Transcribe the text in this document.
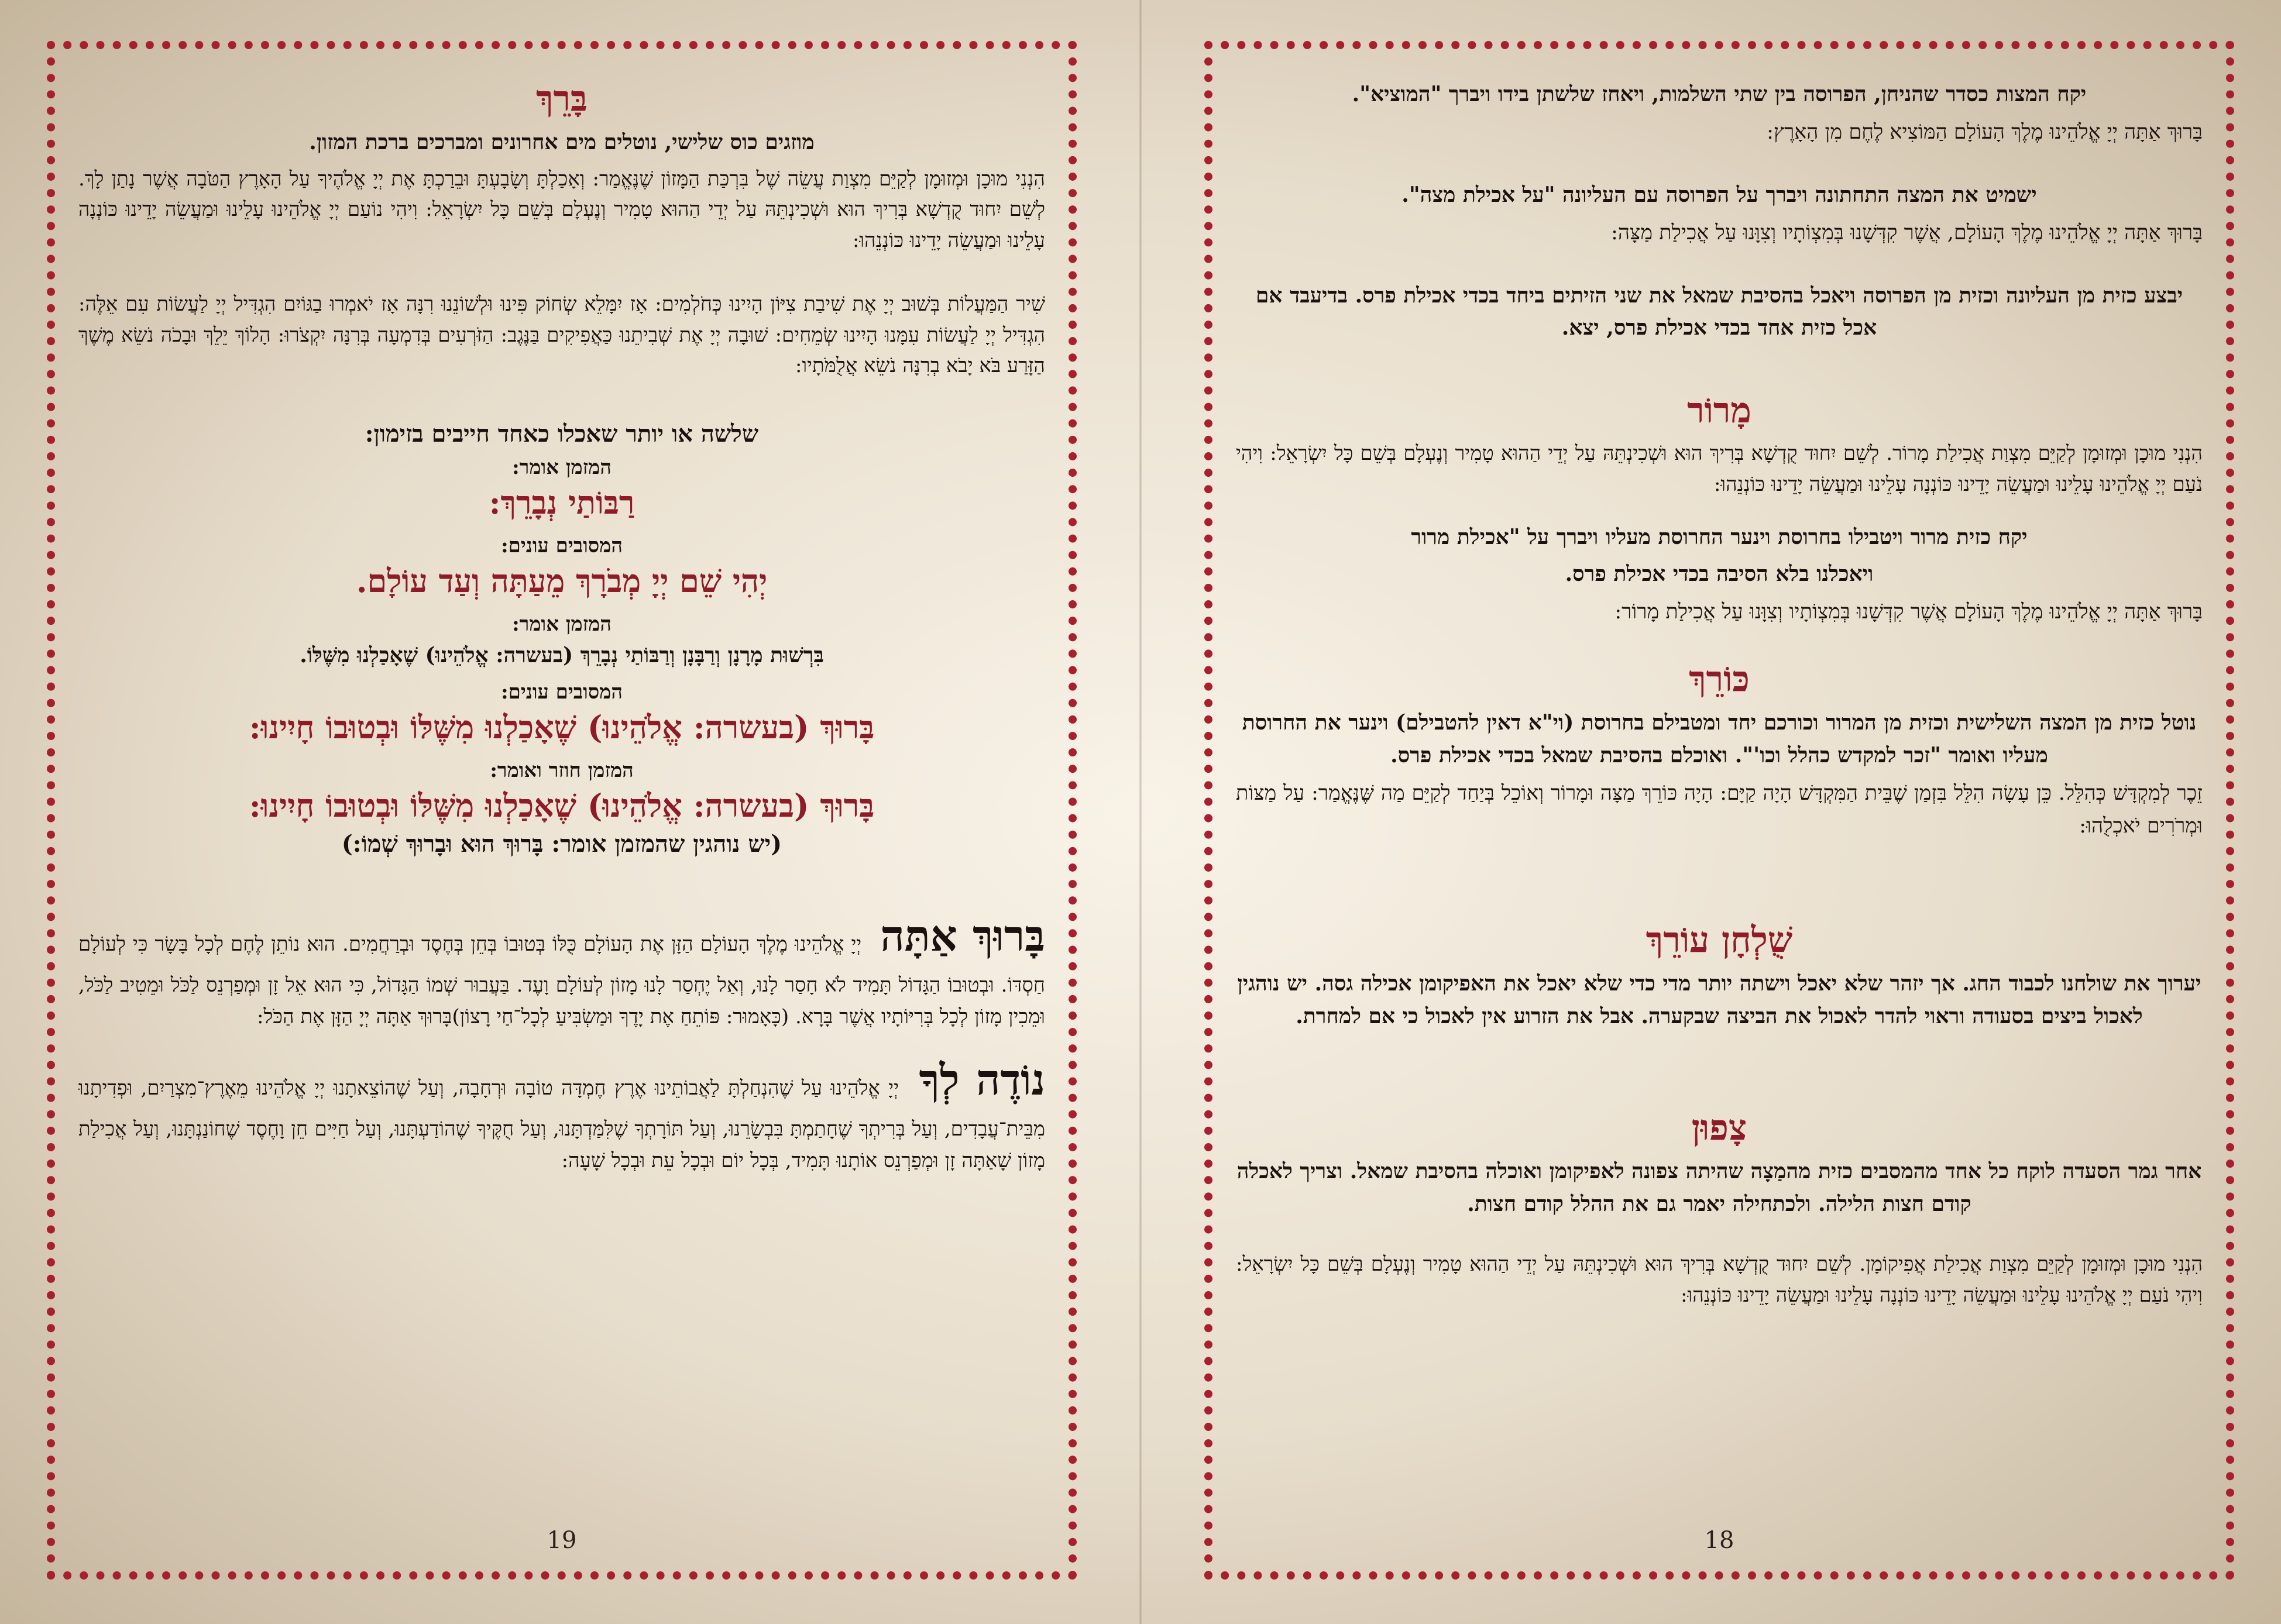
בָּרֵךְ
מוזגים כוס שלישי, נוטלים מים אחרונים ומברכים ברכת המזון.
הִנְנִי מוּכָן וּמְזוּמָן לְקַיֵּם מִצְוַת עֲשֵׂה שֶׁל בִּרְכַּת הַמָּזוֹן שֶׁנֶּאֱמַר: וְאָכַלְתָּ וְשָׂבָעְתָּ וּבֵרַכְתָּ אֶת יְיָ אֱלֹהֶיךָ עַל הָאָרֶץ הַטֹּבָה אֲשֶׁר נָתַן לָךְ. לְשֵׁם יִחוּד קֻדְשָׁא בְּרִיךְ הוּא וּשְׁכִינְתֵּהּ עַל יְדֵי הַהוּא טָמִיר וְנֶעְלָם בְּשֵׁם כָּל יִשְׂרָאֵל: וִיהִי נוֹעַם יְיָ אֱלֹהֵינוּ עָלֵינוּ וּמַעֲשֵׂה יָדֵינוּ כּוֹנְנָה עָלֵינוּ וּמַעֲשֵׂה יָדֵינוּ כּוֹנְנֵהוּ:
שִׁיר הַמַּעֲלוֹת בְּשׁוּב יְיָ אֶת שִׁיבַת צִיּוֹן הָיִינוּ כְּחֹלְמִים: אָז יִמָּלֵא שְׂחוֹק פִּינוּ וּלְשׁוֹנֵנוּ רִנָּה אָז יֹאמְרוּ בַגּוֹיִם הִגְדִּיל יְיָ לַעֲשׂוֹת עִם אֵלֶּה: הִגְדִּיל יְיָ לַעֲשׂוֹת עִמָּנוּ הָיִינוּ שְׂמֵחִים: שׁוּבָה יְיָ אֶת שְׁבִיתֵנוּ כַּאֲפִיקִים בַּנֶּגֶב: הַזֹּרְעִים בְּדִמְעָה בְּרִנָּה יִקְצֹרוּ: הָלוֹךְ יֵלֵךְ וּבָכֹה נֹשֵׂא מֶשֶׁךְ הַזָּרַע בֹּא יָבֹא בְרִנָּה נֹשֵׂא אֲלֻמֹּתָיו:
שלשה או יותר שאכלו כאחד חייבים בזימון:
המזמן אומר:
רַבּוֹתַי נְבָרֵךְ:
המסובים עונים:
יְהִי שֵׁם יְיָ מְבֹרָךְ מֵעַתָּה וְעַד עוֹלָם.
המזמן אומר:
בִּרְשׁוּת מָרָנָן וְרַבָּנָן וְרַבּוֹתַי נְבָרֵךְ (בעשרה: אֱלֹהֵינוּ) שֶׁאָכַלְנוּ מִשֶּׁלּוֹ.
המסובים עונים:
בָּרוּךְ (בעשרה: אֱלֹהֵינוּ) שֶׁאָכַלְנוּ מִשֶּׁלּוֹ וּבְטוּבוֹ חָיִינוּ:
המזמן חוזר ואומר:
בָּרוּךְ (בעשרה: אֱלֹהֵינוּ) שֶׁאָכַלְנוּ מִשֶּׁלּוֹ וּבְטוּבוֹ חָיִינוּ:
(יש נוהגין שהמזמן אומר: בָּרוּךְ הוּא וּבָרוּךְ שְׁמוֹ:)
בָּרוּךְ אַתָּה יְיָ אֱלֹהֵינוּ מֶלֶךְ הָעוֹלָם הַזָּן אֶת הָעוֹלָם כֻּלּוֹ בְּטוּבוֹ בְּחֵן בְּחֶסֶד וּבְרַחֲמִים. הוּא נוֹתֵן לֶחֶם לְכָל בָּשָׂר כִּי לְעוֹלָם חַסְדּוֹ. וּבְטוּבוֹ הַגָּדוֹל תָּמִיד לֹא חָסַר לָנוּ, וְאַל יֶחְסַר לָנוּ מָזוֹן לְעוֹלָם וָעֶד. בַּעֲבוּר שְׁמוֹ הַגָּדוֹל, כִּי הוּא אֵל זָן וּמְפַרְנֵס לַכֹּל וּמֵטִיב לַכֹּל, וּמֵכִין מָזוֹן לְכָל בְּרִיּוֹתָיו אֲשֶׁר בָּרָא. (כָּאָמוּר: פּוֹתֵחַ אֶת יָדֶךָ וּמַשְׂבִּיעַ לְכָל־חַי רָצוֹן)בָּרוּךְ אַתָּה יְיָ הַזָּן אֶת הַכֹּל:
נוֹדֶה לְךָ יְיָ אֱלֹהֵינוּ עַל שֶׁהִנְחַלְתָּ לַאֲבוֹתֵינוּ אֶרֶץ חֶמְדָּה טוֹבָה וּרְחָבָה, וְעַל שֶׁהוֹצֵאתָנוּ יְיָ אֱלֹהֵינוּ מֵאֶרֶץ־מִצְרַיִם, וּפְדִיתָנוּ מִבֵּית־עֲבָדִים, וְעַל בְּרִיתְךָ שֶׁחָתַמְתָּ בִּבְשָׂרֵנוּ, וְעַל תּוֹרָתְךָ שֶׁלִּמַּדְתָּנוּ, וְעַל חֻקֶּיךָ שֶׁהוֹדַעְתָּנוּ, וְעַל חַיִּים חֵן וָחֶסֶד שֶׁחוֹנַנְתָּנוּ, וְעַל אֲכִילַת מָזוֹן שָׁאַתָּה זָן וּמְפַרְנֵס אוֹתָנוּ תָּמִיד, בְּכָל יוֹם וּבְכָל עֵת וּבְכָל שָׁעָה:
19
יקח המצות כסדר שהניחן, הפרוסה בין שתי השלמות, ויאחז שלשתן בידו ויברך "המוציא".
בָּרוּךְ אַתָּה יְיָ אֱלֹהֵינוּ מֶלֶךְ הָעוֹלָם הַמּוֹצִיא לֶחֶם מִן הָאָרֶץ:
ישמיט את המצה התחתונה ויברך על הפרוסה עם העליונה "על אכילת מצה".
בָּרוּךְ אַתָּה יְיָ אֱלֹהֵינוּ מֶלֶךְ הָעוֹלָם, אֲשֶׁר קִדְּשָׁנוּ בְּמִצְוֹתָיו וְצִוָּנוּ עַל אֲכִילַת מַצָּה:
יבצע כזית מן העליונה וכזית מן הפרוסה ויאכל בהסיבת שמאל את שני הזיתים ביחד בכדי אכילת פרס. בדיעבד אם אכל כזית אחד בכדי אכילת פרס, יצא.
מָרוֹר
הִנְנִי מוּכָן וּמְזוּמָן לְקַיֵּם מִצְוַת אֲכִילַת מָרוֹר. לְשֵׁם יִחוּד קֻדְשָׁא בְּרִיךְ הוּא וּשְׁכִינְתֵּהּ עַל יְדֵי הַהוּא טָמִיר וְנֶעְלָם בְּשֵׁם כָּל יִשְׂרָאֵל: וִיהִי נֹעַם יְיָ אֱלֹהֵינוּ עָלֵינוּ וּמַעֲשֵׂה יָדֵינוּ כּוֹנְנָה עָלֵינוּ וּמַעֲשֵׂה יָדֵינוּ כּוֹנְנֵהוּ:
יקח כזית מרור ויטבילו בחרוסת וינער החרוסת מעליו ויברך על "אכילת מרור
ויאכלנו בלא הסיבה בכדי אכילת פרס.
בָּרוּךְ אַתָּה יְיָ אֱלֹהֵינוּ מֶלֶךְ הָעוֹלָם אֲשֶׁר קִדְּשָׁנוּ בְּמִצְוֹתָיו וְצִוָּנוּ עַל אֲכִילַת מָרוֹר:
כּוֹרֵךְ
נוטל כזית מן המצה השלישית וכזית מן המרור וכורכם יחד ומטבילם בחרוסת (וי"א דאין להטבילם) וינער את החרוסת מעליו ואומר "זכר למקדש כהלל וכו'". ואוכלם בהסיבת שמאל בכדי אכילת פרס.
זֵכֶר לְמִקְדָּשׁ כְּהִלֵּל. כֵּן עָשָׂה הִלֵּל בִּזְמַן שֶׁבֵּית הַמִּקְדָּשׁ הָיָה קַיָּם: הָיָה כּוֹרֵךְ מַצָּה וּמָרוֹר וְאוֹכֵל בְּיַחַד לְקַיֵּם מַה שֶּׁנֶּאֱמַר: עַל מַצּוֹת וּמְרֹרִים יֹאכְלֻהוּ:
שֻׁלְחָן עוֹרֵךְ
יערוך את שולחנו לכבוד החג. אך יזהר שלא יאכל וישתה יותר מדי כדי שלא יאכל את האפיקומן אכילה גסה. יש נוהגין לאכול ביצים בסעודה וראוי להדר לאכול את הביצה שבקערה. אבל את הזרוע אין לאכול כי אם למחרת.
צָפוּן
אחר גמר הסעדה לוקח כל אחד מהמסבים כזית מהמַצָה שהיתה צפונה לאפיקומן ואוכלה בהסיבת שמאל. וצריך לאכלה קודם חצות הלילה. ולכתחילה יאמר גם את ההלל קודם חצות.
הִנְנִי מוּכָן וּמְזוּמָן לְקַיֵּם מִצְוַת אֲכִילַת אֲפִיקוֹמָן. לְשֵׁם יִחוּד קֻדְשָׁא בְּרִיךְ הוּא וּשְׁכִינְתֵּהּ עַל יְדֵי הַהוּא טָמִיר וְנֶעְלָם בְּשֵׁם כָּל יִשְׂרָאֵל: וִיהִי נֹעַם יְיָ אֱלֹהֵינוּ עָלֵינוּ וּמַעֲשֵׂה יָדֵינוּ כּוֹנְנָה עָלֵינוּ וּמַעֲשֵׂה יָדֵינוּ כּוֹנְנֵהוּ:
18
